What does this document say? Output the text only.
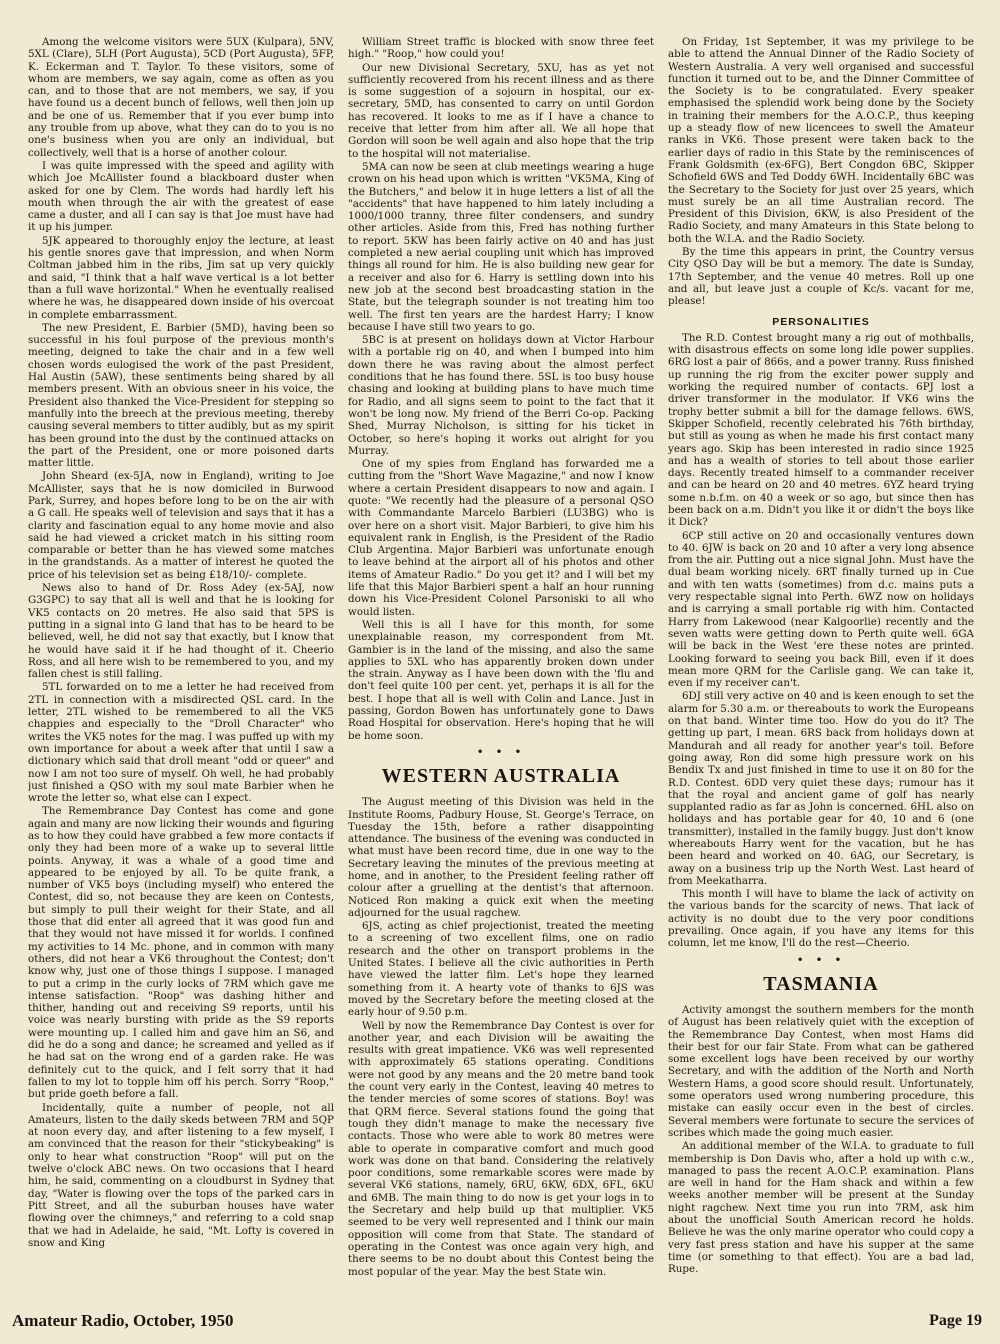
Among the welcome visitors were 5UX (Kulpara), 5NV, 5XL (Clare), 5LH (Port Augusta), 5CD (Port Augusta), 5FP, K. Eckerman and T. Taylor. To these visitors, some of whom are members, we say again, come as often as you can, and to those that are not members, we say, if you have found us a decent bunch of fellows, well then join up and be one of us. Remember that if you ever bump into any trouble from up above, what they can do to you is no one's business when you are only an individual, but collectively, well that is a horse of another colour.

I was quite impressed with the speed and agility with which Joe McAllister found a blackboard duster when asked for one by Clem. The words had hardly left his mouth when through the air with the greatest of ease came a duster, and all I can say is that Joe must have had it up his jumper.

5JK appeared to thoroughly enjoy the lecture, at least his gentle snores gave that impression, and when Norm Coltman jabbed him in the ribs, Jim sat up very quickly and said, "I think that a half wave vertical is a lot better than a full wave horizontal." When he eventually realised where he was, he disappeared down inside of his overcoat in complete embarrassment.

The new President, E. Barbier (5MD), having been so successful in his foul purpose of the previous month's meeting, deigned to take the chair and in a few well chosen words eulogised the work of the past President, Hal Austin (5AW), these sentiments being shared by all members present. With an obvious sneer in his voice, the President also thanked the Vice-President for stepping so manfully into the breech at the previous meeting, thereby causing several members to titter audibly, but as my spirit has been ground into the dust by the continued attacks on the part of the President, one or more poisoned darts matter little.

John Sheard (ex-5JA, now in England), writing to Joe McAllister, says that he is now domiciled in Burwood Park, Surrey, and hopes before long to be on the air with a G call. He speaks well of television and says that it has a clarity and fascination equal to any home movie and also said he had viewed a cricket match in his sitting room comparable or better than he has viewed some matches in the grandstands. As a matter of interest he quoted the price of his television set as being £18/10/- complete.

News also to hand of Dr. Ross Adey (ex-5AJ, now G3GPC) to say that all is well and that he is looking for VK5 contacts on 20 metres. He also said that 5PS is putting in a signal into G land that has to be heard to be believed, well, he did not say that exactly, but I know that he would have said it if he had thought of it. Cheerio Ross, and all here wish to be remembered to you, and my fallen chest is still falling.

5TL forwarded on to me a letter he had received from 2TL in connection with a misdirected QSL card. In the letter, 2TL wished to be remembered to all the VK5 chappies and especially to the "Droll Character" who writes the VK5 notes for the mag. I was puffed up with my own importance for about a week after that until I saw a dictionary which said that droll meant "odd or queer" and now I am not too sure of myself. Oh well, he had probably just finished a QSO with my soul mate Barbier when he wrote the letter so, what else can I expect.

The Remembrance Day Contest has come and gone again and many are now licking their wounds and figuring as to how they could have grabbed a few more contacts if only they had been more of a wake up to several little points. Anyway, it was a whale of a good time and appeared to be enjoyed by all. To be quite frank, a number of VK5 boys (including myself) who entered the Contest, did so, not because they are keen on Contests, but simply to pull their weight for their State, and all those that did enter all agreed that it was good fun and that they would not have missed it for worlds. I confined my activities to 14 Mc. phone, and in common with many others, did not hear a VK6 throughout the Contest; don't know why, just one of those things I suppose. I managed to put a crimp in the curly locks of 7RM which gave me intense satisfaction. "Roop" was dashing hither and thither, handing out and receiving S9 reports, until his voice was nearly bursting with pride as the S9 reports were mounting up. I called him and gave him an S6, and did he do a song and dance; he screamed and yelled as if he had sat on the wrong end of a garden rake. He was definitely cut to the quick, and I felt sorry that it had fallen to my lot to topple him off his perch. Sorry "Roop," but pride goeth before a fall.

Incidentally, quite a number of people, not all Amateurs, listen to the daily skeds between 7RM and 5QP at noon every day, and after listening to a few myself, I am convinced that the reason for their "stickybeaking" is only to hear what construction "Roop" will put on the twelve o'clock ABC news. On two occasions that I heard him, he said, commenting on a cloudburst in Sydney that day, "Water is flowing over the tops of the parked cars in Pitt Street, and all the suburban houses have water flowing over the chimneys," and referring to a cold snap that we had in Adelaide, he said, "Mt. Lofty is covered in snow and King

William Street traffic is blocked with snow three feet high." "Roop," how could you!

Our new Divisional Secretary, 5XU, has as yet not sufficiently recovered from his recent illness and as there is some suggestion of a sojourn in hospital, our ex-secretary, 5MD, has consented to carry on until Gordon has recovered. It looks to me as if I have a chance to receive that letter from him after all. We all hope that Gordon will soon be well again and also hope that the trip to the hospital will not materialise.

5MA can now be seen at club meetings wearing a huge crown on his head upon which is written "VK5MA, King of the Butchers," and below it in huge letters a list of all the "accidents" that have happened to him lately including a 1000/1000 tranny, three filter condensers, and sundry other articles. Aside from this, Fred has nothing further to report. 5KW has been fairly active on 40 and has just completed a new aerial coupling unit which has improved things all round for him. He is also building new gear for a receiver and also for 6. Harry is settling down into his new job at the second best broadcasting station in the State, but the telegraph sounder is not treating him too well. The first ten years are the hardest Harry; I know because I have still two years to go.

5BC is at present on holidays down at Victor Harbour with a portable rig on 40, and when I bumped into him down there he was raving about the almost perfect conditions that he has found there. 5SL is too busy house chasing and looking at building plans to have much time for Radio, and all signs seem to point to the fact that it won't be long now. My friend of the Berri Co-op. Packing Shed, Murray Nicholson, is sitting for his ticket in October, so here's hoping it works out alright for you Murray.

One of my spies from England has forwarded me a cutting from the "Short Wave Magazine," and now I know where a certain President disappears to now and again. I quote: "We recently had the pleasure of a personal QSO with Commandante Marcelo Barbieri (LU3BG) who is over here on a short visit. Major Barbieri, to give him his equivalent rank in English, is the President of the Radio Club Argentina. Major Barbieri was unfortunate enough to leave behind at the airport all of his photos and other items of Amateur Radio." Do you get it? and I will bet my life that this Major Barbieri spent a half an hour running down his Vice-President Colonel Parsoniski to all who would listen.

Well this is all I have for this month, for some unexplainable reason, my correspondent from Mt. Gambier is in the land of the missing, and also the same applies to 5XL who has apparently broken down under the strain. Anyway as I have been down with the 'flu and don't feel quite 100 per cent. yet, perhaps it is all for the best. I hope that all is well with Colin and Lance. Just in passing, Gordon Bowen has unfortunately gone to Daws Road Hospital for observation. Here's hoping that he will be home soon.

• • •
WESTERN AUSTRALIA

The August meeting of this Division was held in the Institute Rooms, Padbury House, St. George's Terrace, on Tuesday the 15th, before a rather disappointing attendance. The business of the evening was conducted in what must have been record time, due in one way to the Secretary leaving the minutes of the previous meeting at home, and in another, to the President feeling rather off colour after a gruelling at the dentist's that afternoon. Noticed Ron making a quick exit when the meeting adjourned for the usual ragchew.

6JS, acting as chief projectionist, treated the meeting to a screening of two excellent films, one on radio research and the other on transport problems in the United States. I believe all the civic authorities in Perth have viewed the latter film. Let's hope they learned something from it. A hearty vote of thanks to 6JS was moved by the Secretary before the meeting closed at the early hour of 9.50 p.m.

Well by now the Remembrance Day Contest is over for another year, and each Division will be awaiting the results with great impatience. VK6 was well represented with approximately 65 stations operating. Conditions were not good by any means and the 20 metre band took the count very early in the Contest, leaving 40 metres to the tender mercies of some scores of stations. Boy! was that QRM fierce. Several stations found the going that tough they didn't manage to make the necessary five contacts. Those who were able to work 80 metres were able to operate in comparative comfort and much good work was done on that band. Considering the relatively poor conditions, some remarkable scores were made by several VK6 stations, namely, 6RU, 6KW, 6DX, 6FL, 6KU and 6MB. The main thing to do now is get your logs in to the Secretary and help build up that multiplier. VK5 seemed to be very well represented and I think our main opposition will come from that State. The standard of operating in the Contest was once again very high, and there seems to be no doubt about this Contest being the most popular of the year. May the best State win.

On Friday, 1st September, it was my privilege to be able to attend the Annual Dinner of the Radio Society of Western Australia. A very well organised and successful function it turned out to be, and the Dinner Committee of the Society is to be congratulated. Every speaker emphasised the splendid work being done by the Society in training their members for the A.O.C.P., thus keeping up a steady flow of new licencees to swell the Amateur ranks in VK6. Those present were taken back to the earlier days of radio in this State by the reminiscences of Frank Goldsmith (ex-6FG), Bert Congdon 6BC, Skipper Schofield 6WS and Ted Doddy 6WH. Incidentally 6BC was the Secretary to the Society for just over 25 years, which must surely be an all time Australian record. The President of this Division, 6KW, is also President of the Radio Society, and many Amateurs in this State belong to both the W.I.A. and the Radio Society.

By the time this appears in print, the Country versus City QSO Day will be but a memory. The date is Sunday, 17th September, and the venue 40 metres. Roll up one and all, but leave just a couple of Kc/s. vacant for me, please!

PERSONALITIES

The R.D. Contest brought many a rig out of mothballs, with disastrous effects on some long idle power supplies. 6RG lost a pair of 866s, and a power tranny. Russ finished up running the rig from the exciter power supply and working the required number of contacts. 6PJ lost a driver transformer in the modulator. If VK6 wins the trophy better submit a bill for the damage fellows. 6WS, Skipper Schofield, recently celebrated his 76th birthday, but still as young as when he made his first contact many years ago. Skip has been interested in radio since 1925 and has a wealth of stories to tell about those earlier days. Recently treated himself to a commander receiver and can be heard on 20 and 40 metres. 6YZ heard trying some n.b.f.m. on 40 a week or so ago, but since then has been back on a.m. Didn't you like it or didn't the boys like it Dick?

6CP still active on 20 and occasionally ventures down to 40. 6JW is back on 20 and 10 after a very long absence from the air. Putting out a nice signal John. Must have the dual beam working nicely. 6RT finally turned up in Cue and with ten watts (sometimes) from d.c. mains puts a very respectable signal into Perth. 6WZ now on holidays and is carrying a small portable rig with him. Contacted Harry from Lakewood (near Kalgoorlie) recently and the seven watts were getting down to Perth quite well. 6GA will be back in the West 'ere these notes are printed. Looking forward to seeing you back Bill, even if it does mean more QRM for the Carlisle gang. We can take it, even if my receiver can't.

6DJ still very active on 40 and is keen enough to set the alarm for 5.30 a.m. or thereabouts to work the Europeans on that band. Winter time too. How do you do it? The getting up part, I mean. 6RS back from holidays down at Mandurah and all ready for another year's toil. Before going away, Ron did some high pressure work on his Bendix Tx and just finished in time to use it on 80 for the R.D. Contest. 6DD very quiet these days; rumour has it that the royal and ancient game of golf has nearly supplanted radio as far as John is concerned. 6HL also on holidays and has portable gear for 40, 10 and 6 (one transmitter), installed in the family buggy. Just don't know whereabouts Harry went for the vacation, but he has been heard and worked on 40. 6AG, our Secretary, is away on a business trip up the North West. Last heard of from Meekatharra.

This month I will have to blame the lack of activity on the various bands for the scarcity of news. That lack of activity is no doubt due to the very poor conditions prevailing. Once again, if you have any items for this column, let me know, I'll do the rest—Cheerio.

• • •
TASMANIA

Activity amongst the southern members for the month of August has been relatively quiet with the exception of the Remembrance Day Contest, when most Hams did their best for our fair State. From what can be gathered some excellent logs have been received by our worthy Secretary, and with the addition of the North and North Western Hams, a good score should result. Unfortunately, some operators used wrong numbering procedure, this mistake can easily occur even in the best of circles. Several members were fortunate to secure the services of scribes which made the going much easier.

An additional member of the W.I.A. to graduate to full membership is Don Davis who, after a hold up with c.w., managed to pass the recent A.O.C.P. examination. Plans are well in hand for the Ham shack and within a few weeks another member will be present at the Sunday night ragchew. Next time you run into 7RM, ask him about the unofficial South American record he holds. Believe he was the only marine operator who could copy a very fast press station and have his supper at the same time (or something to that effect). You are a bad lad, Rupe.

Amateur Radio, October, 1950	Page 19
